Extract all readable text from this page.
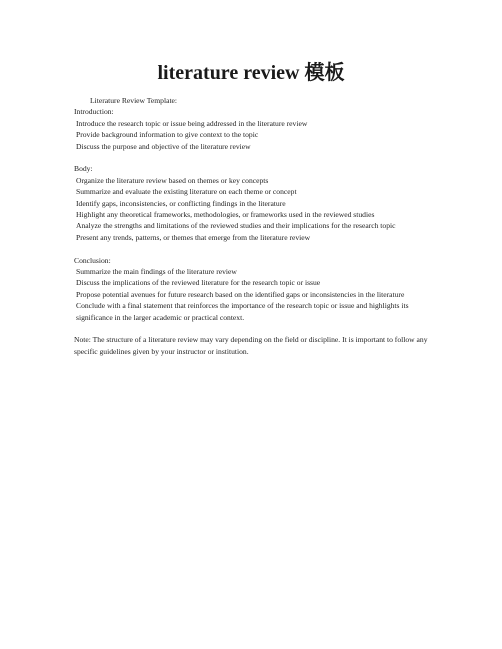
literature review 模板
Literature Review Template:
Introduction:
Introduce the research topic or issue being addressed in the literature review
Provide background information to give context to the topic
Discuss the purpose and objective of the literature review
Body:
Organize the literature review based on themes or key concepts
Summarize and evaluate the existing literature on each theme or concept
Identify gaps, inconsistencies, or conflicting findings in the literature
Highlight any theoretical frameworks, methodologies, or frameworks used in the reviewed studies
Analyze the strengths and limitations of the reviewed studies and their implications for the research topic
Present any trends, patterns, or themes that emerge from the literature review
Conclusion:
Summarize the main findings of the literature review
Discuss the implications of the reviewed literature for the research topic or issue
Propose potential avenues for future research based on the identified gaps or inconsistencies in the literature
Conclude with a final statement that reinforces the importance of the research topic or issue and highlights its significance in the larger academic or practical context.
Note: The structure of a literature review may vary depending on the field or discipline. It is important to follow any specific guidelines given by your instructor or institution.
